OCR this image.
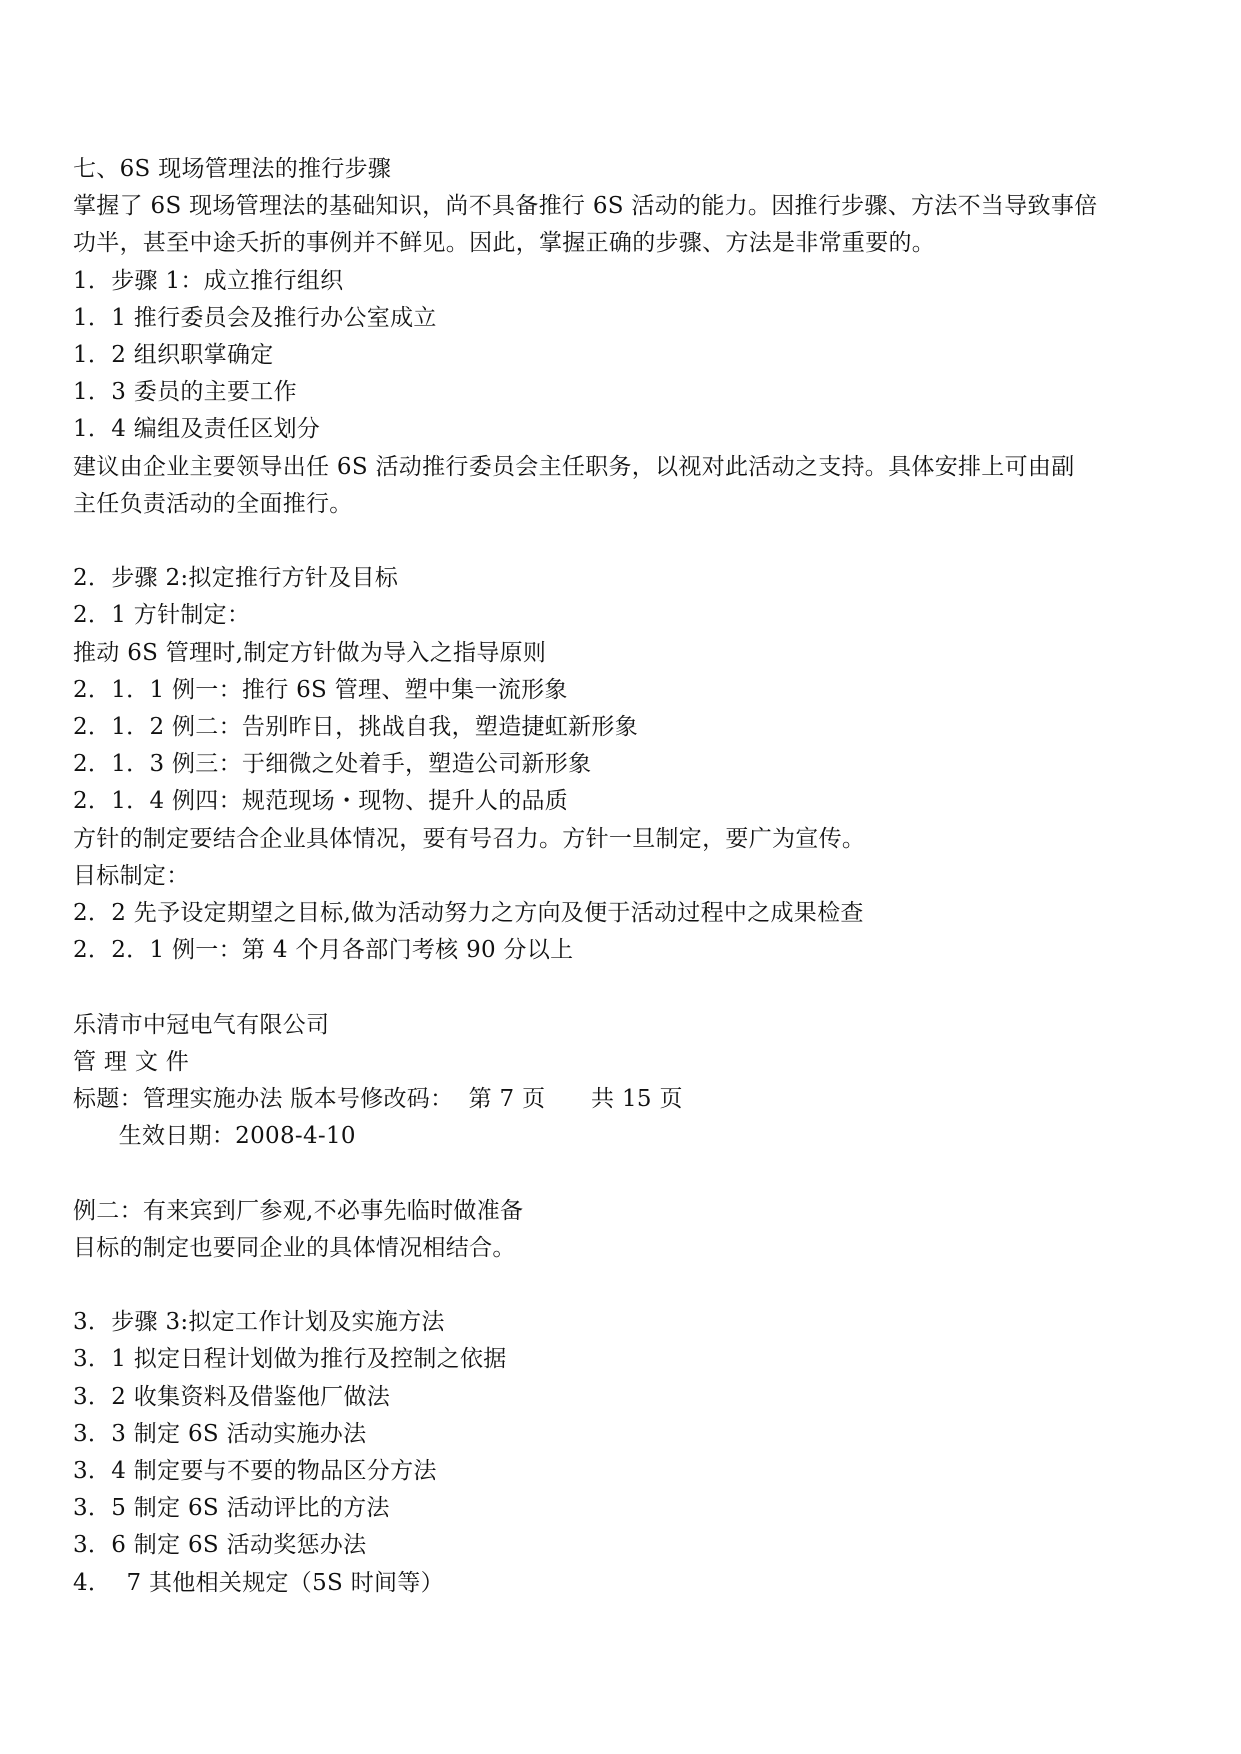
七、6S 现场管理法的推行步骤
掌握了 6S 现场管理法的基础知识，尚不具备推行 6S 活动的能力。因推行步骤、方法不当导致事倍
功半，甚至中途夭折的事例并不鲜见。因此，掌握正确的步骤、方法是非常重要的。
1．步骤 1：成立推行组织
1．1 推行委员会及推行办公室成立
1．2 组织职掌确定
1．3 委员的主要工作
1．4 编组及责任区划分
建议由企业主要领导出任 6S 活动推行委员会主任职务，以视对此活动之支持。具体安排上可由副
主任负责活动的全面推行。
2．步骤 2:拟定推行方针及目标
2．1 方针制定：
推动 6S 管理时,制定方针做为导入之指导原则
2．1．1 例一：推行 6S 管理、塑中集一流形象
2．1．2 例二：告别昨日，挑战自我，塑造捷虹新形象
2．1．3 例三：于细微之处着手，塑造公司新形象
2．1．4 例四：规范现场・现物、提升人的品质
方针的制定要结合企业具体情况，要有号召力。方针一旦制定，要广为宣传。
目标制定：
2．2 先予设定期望之目标,做为活动努力之方向及便于活动过程中之成果检查
2．2．1 例一：第 4 个月各部门考核 90 分以上
乐清市中冠电气有限公司
管 理 文 件
标题：管理实施办法 版本号修改码：  第 7 页      共 15 页
生效日期：2008-4-10
例二：有来宾到厂参观,不必事先临时做准备
目标的制定也要同企业的具体情况相结合。
3．步骤 3:拟定工作计划及实施方法
3．1 拟定日程计划做为推行及控制之依据
3．2 收集资料及借鉴他厂做法
3．3 制定 6S 活动实施办法
3．4 制定要与不要的物品区分方法
3．5 制定 6S 活动评比的方法
3．6 制定 6S 活动奖惩办法
4．  7 其他相关规定（5S 时间等）
